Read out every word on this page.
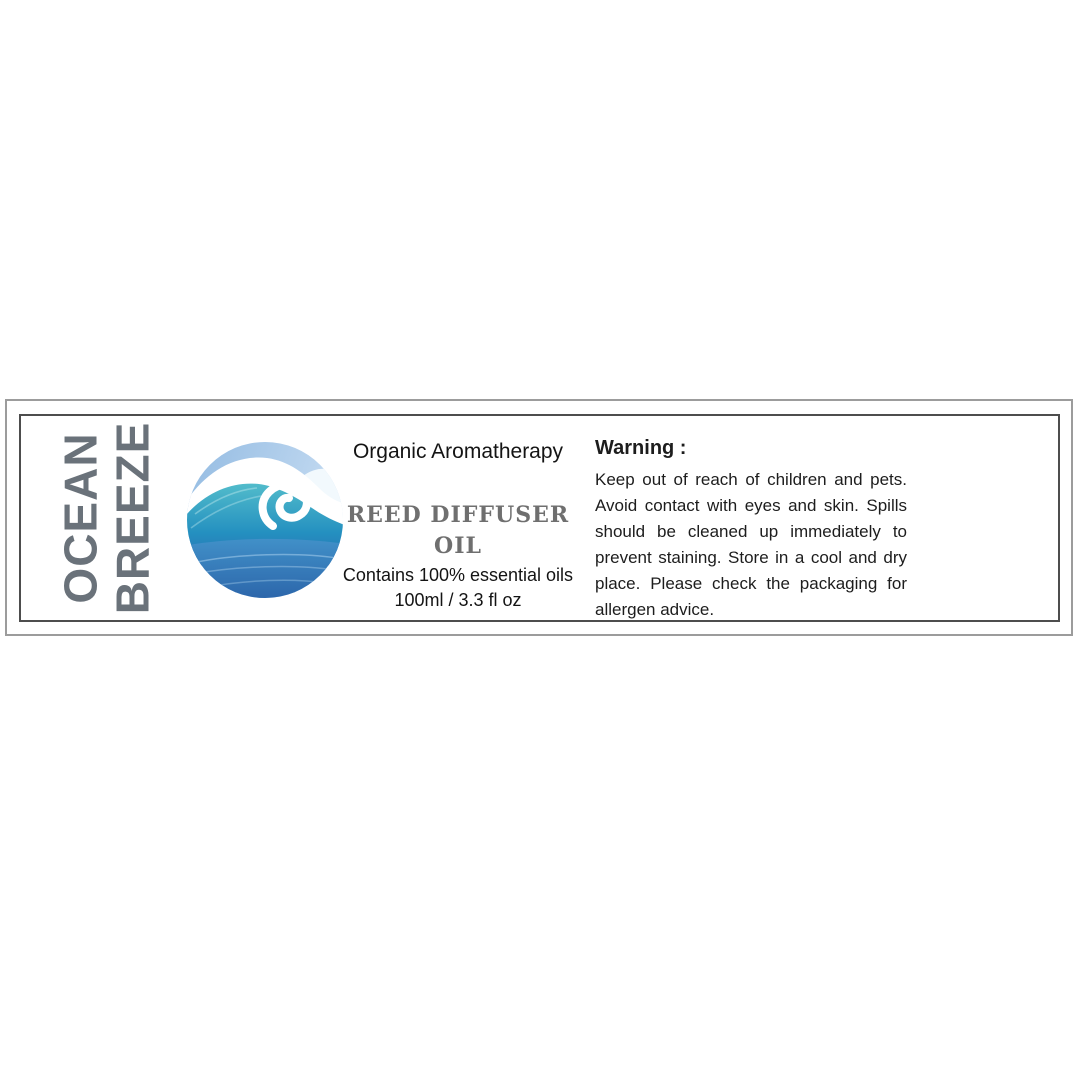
OCEAN BREEZE	Organic Aromatherapy
REED DIFFUSER
OIL
Contains 100% essential oils
100ml / 3.3 fl oz
Warning :
Keep out of reach of children and pets. Avoid contact with eyes and skin. Spills should be cleaned up immediately to prevent staining. Store in a cool and dry place. Please check the packaging for allergen advice.
